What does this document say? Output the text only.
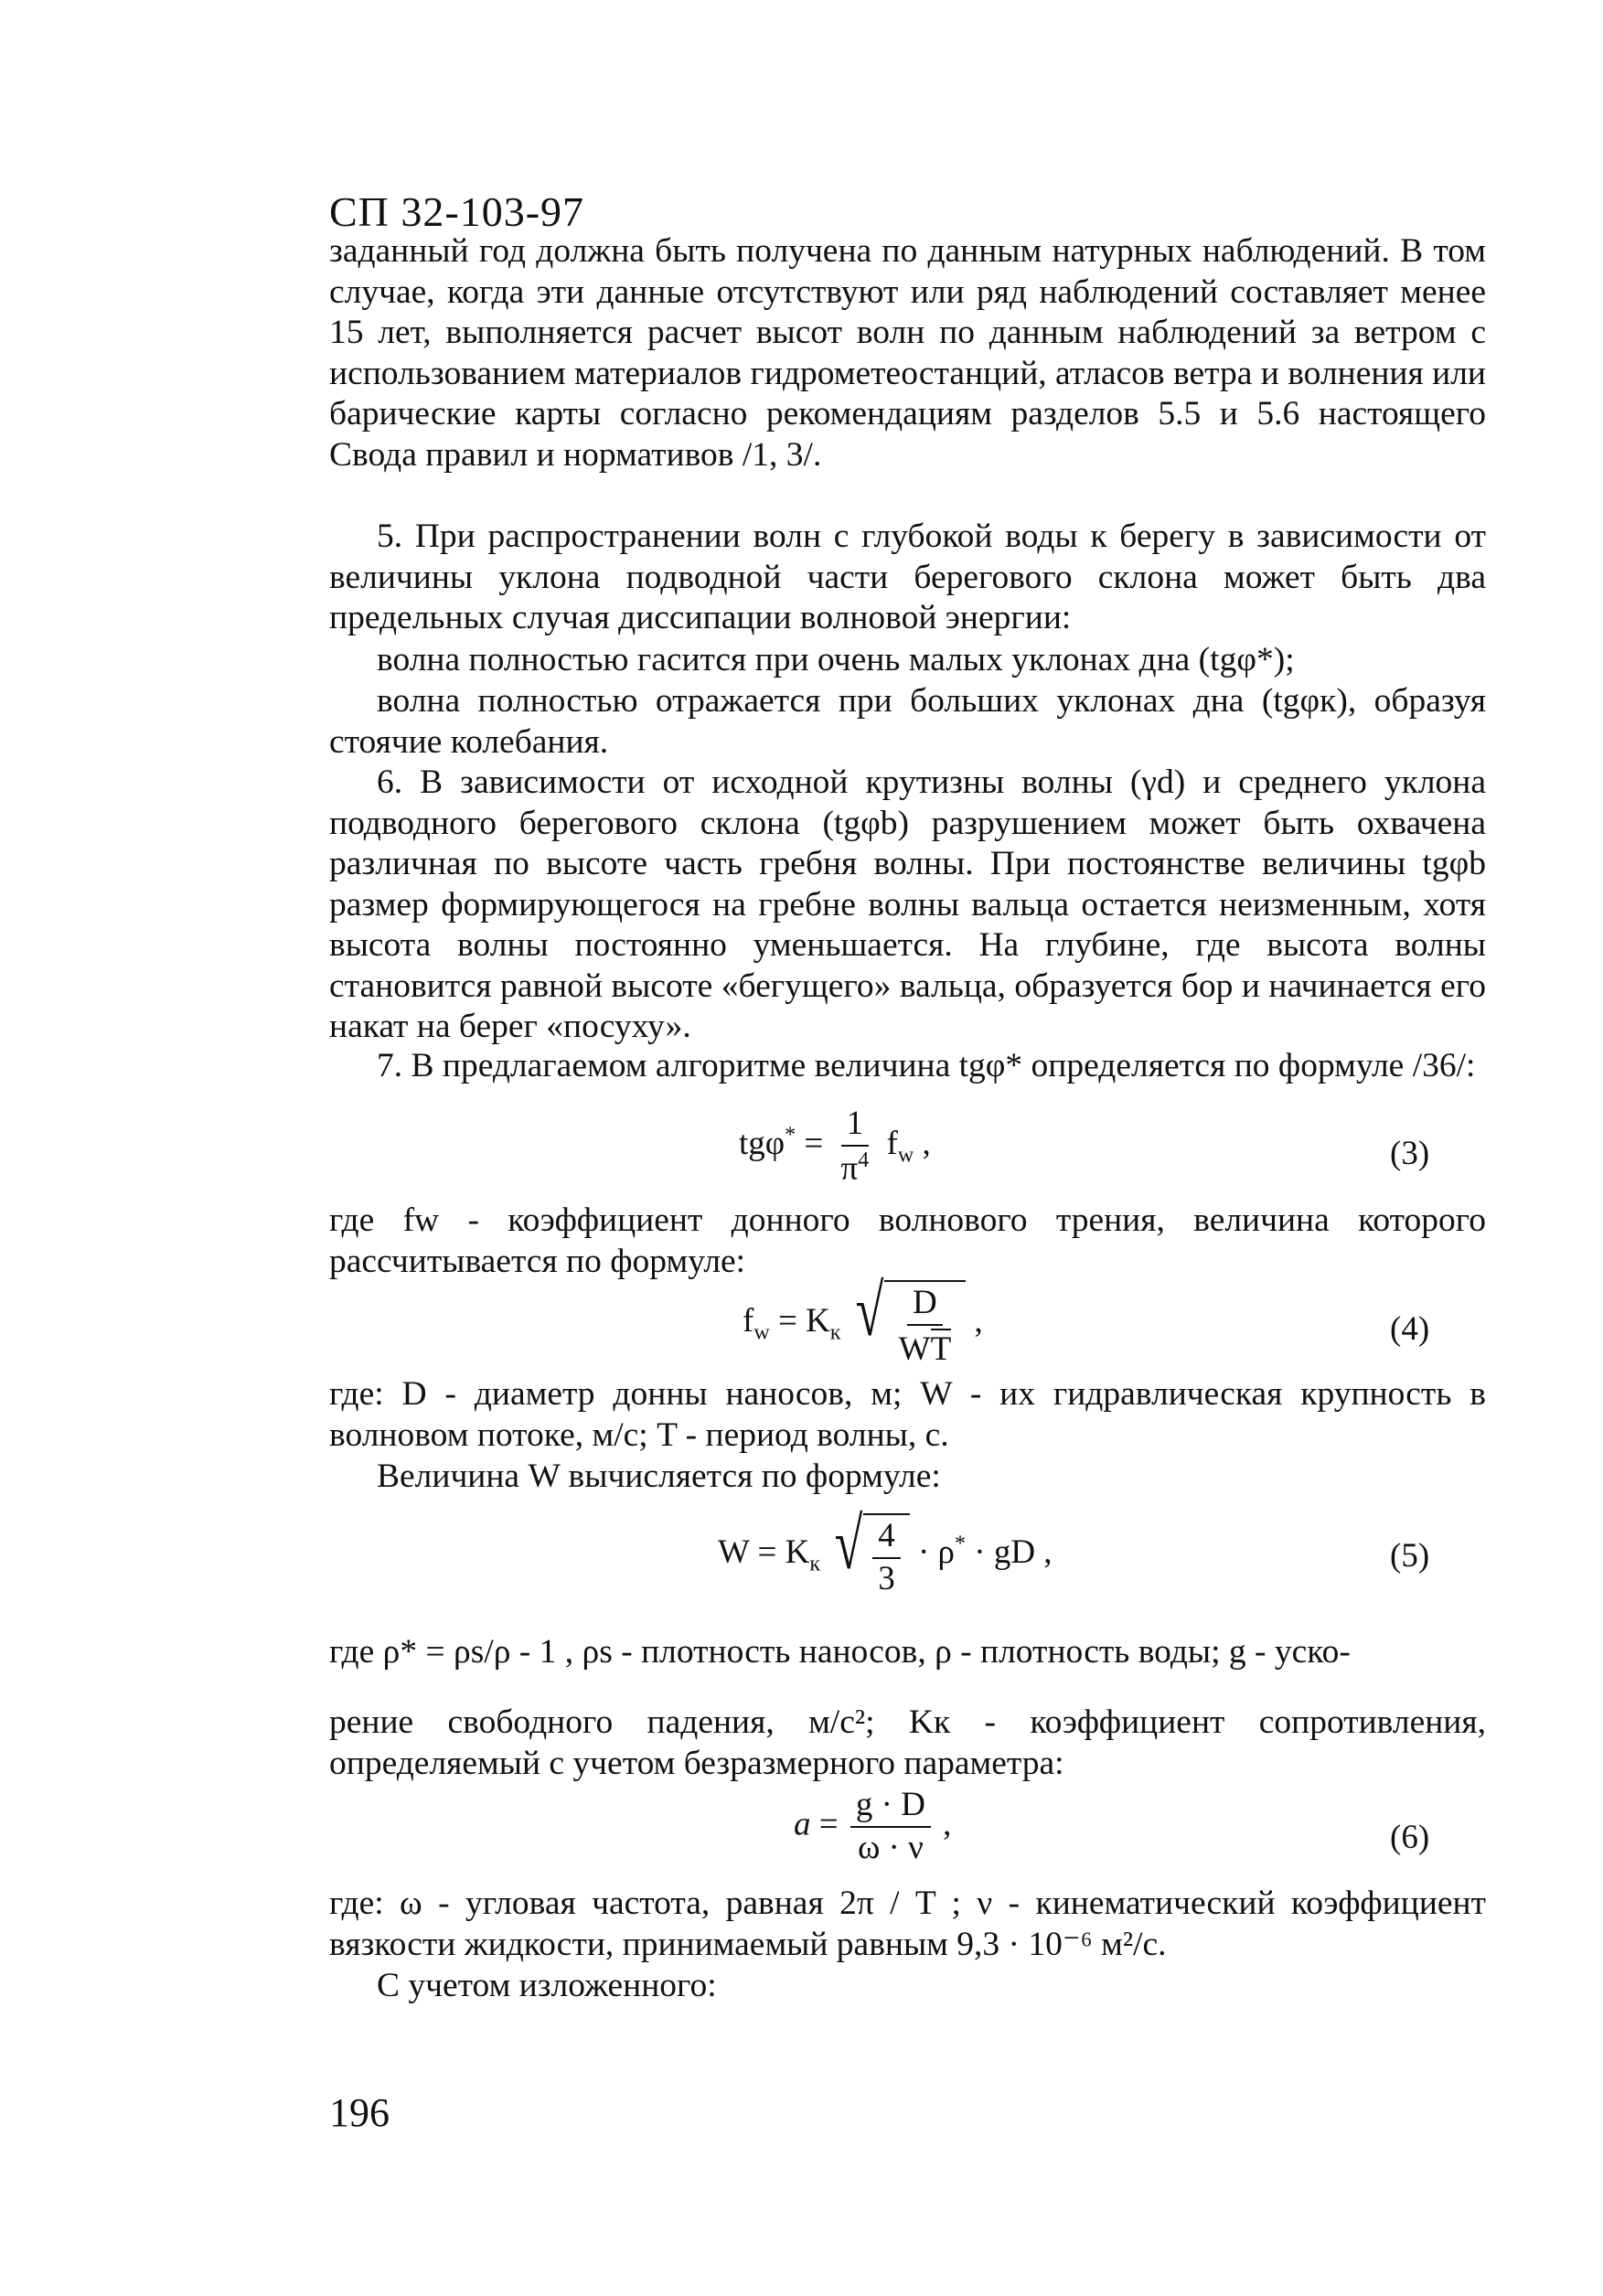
СП 32-103-97

заданный год должна быть получена по данным натурных наблюдений. В том случае, когда эти данные отсутствуют или ряд наблюдений составляет менее 15 лет, выполняется расчет высот волн по данным наблюдений за ветром с использованием материалов гидрометеостанций, атласов ветра и волнения или барические карты согласно рекомендациям разделов 5.5 и 5.6 настоящего Свода правил и нормативов /1, 3/.

5. При распространении волн с глубокой воды к берегу в зависимости от величины уклона подводной части берегового склона может быть два предельных случая диссипации волновой энергии:

волна полностью гасится при очень малых уклонах дна (tgφ*);

волна полностью отражается при больших уклонах дна (tgφк), образуя стоячие колебания.

6. В зависимости от исходной крутизны волны (γd) и среднего уклона подводного берегового склона (tgφb) разрушением может быть охвачена различная по высоте часть гребня волны. При постоянстве величины tgφb размер формирующегося на гребне волны вальца остается неизменным, хотя высота волны постоянно уменьшается. На глубине, где высота волны становится равной высоте «бегущего» вальца, образуется бор и начинается его накат на берег «посуху».

7. В предлагаемом алгоритме величина tgφ* определяется по формуле /36/:

$tg\varphi^* = \frac{1}{\pi^4} f_w$ ,	(3)

где fw - коэффициент донного волнового трения, величина которого рассчитывается по формуле:

$f_w = K_к$ √ $\frac{D}{WT}$ ,	(4)

где: D - диаметр донны наносов, м; W - их гидравлическая крупность в волновом потоке, м/с; T - период волны, с.

Величина W вычисляется по формуле:

$W = K_к$ √ $\frac{4}{3} \cdot \rho^*$ · gD ,	(5)

где ρ* = ρs/ρ - 1 , ρs - плотность наносов, ρ - плотность воды; g - уско-

рение свободного падения, м/с²; Kк - коэффициент сопротивления, определяемый с учетом безразмерного параметра:

$a = \frac{g \cdot D}{\omega \cdot \nu}$ ,	(6)

где: ω - угловая частота, равная 2π / T ; ν - кинематический коэффициент вязкости жидкости, принимаемый равным 9,3 · 10⁻⁶ м²/с.

С учетом изложенного:

196
